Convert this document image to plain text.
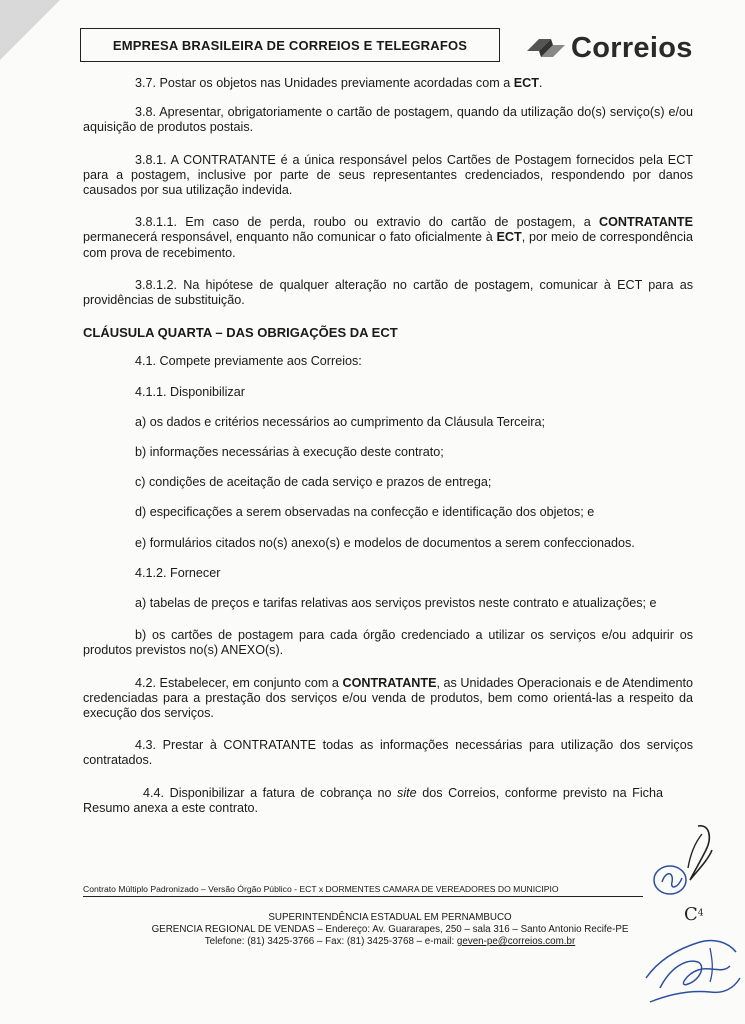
EMPRESA BRASILEIRA DE CORREIOS E TELEGRAFOS	Correios

3.7. Postar os objetos nas Unidades previamente acordadas com a ECT.

3.8. Apresentar, obrigatoriamente o cartão de postagem, quando da utilização do(s) serviço(s) e/ou aquisição de produtos postais.

3.8.1. A CONTRATANTE é a única responsável pelos Cartões de Postagem fornecidos pela ECT para a postagem, inclusive por parte de seus representantes credenciados, respondendo por danos causados por sua utilização indevida.

3.8.1.1. Em caso de perda, roubo ou extravio do cartão de postagem, a CONTRATANTE permanecerá responsável, enquanto não comunicar o fato oficialmente à ECT, por meio de correspondência com prova de recebimento.

3.8.1.2. Na hipótese de qualquer alteração no cartão de postagem, comunicar à ECT para as providências de substituição.

CLÁUSULA QUARTA – DAS OBRIGAÇÕES DA ECT

4.1. Compete previamente aos Correios:

4.1.1. Disponibilizar

a) os dados e critérios necessários ao cumprimento da Cláusula Terceira;

b) informações necessárias à execução deste contrato;

c) condições de aceitação de cada serviço e prazos de entrega;

d) especificações a serem observadas na confecção e identificação dos objetos; e

e) formulários citados no(s) anexo(s) e modelos de documentos a serem confeccionados.

4.1.2. Fornecer

a) tabelas de preços e tarifas relativas aos serviços previstos neste contrato e atualizações; e

b) os cartões de postagem para cada órgão credenciado a utilizar os serviços e/ou adquirir os produtos previstos no(s) ANEXO(s).

4.2. Estabelecer, em conjunto com a CONTRATANTE, as Unidades Operacionais e de Atendimento credenciadas para a prestação dos serviços e/ou venda de produtos, bem como orientá-las a respeito da execução dos serviços.

4.3. Prestar à CONTRATANTE todas as informações necessárias para utilização dos serviços contratados.

4.4. Disponibilizar a fatura de cobrança no site dos Correios, conforme previsto na Ficha Resumo anexa a este contrato.

Contrato Múltiplo Padronizado – Versão Órgão Público - ECT x DORMENTES CAMARA DE VEREADORES DO MUNICIPIO
SUPERINTENDÊNCIA ESTADUAL EM PERNAMBUCO
GERENCIA REGIONAL DE VENDAS – Endereço: Av. Guararapes, 250 – sala 316 – Santo Antonio Recife-PE
Telefone: (81) 3425-3766 – Fax: (81) 3425-3768 – e-mail: geven-pe@correios.com.br
$C^4$
